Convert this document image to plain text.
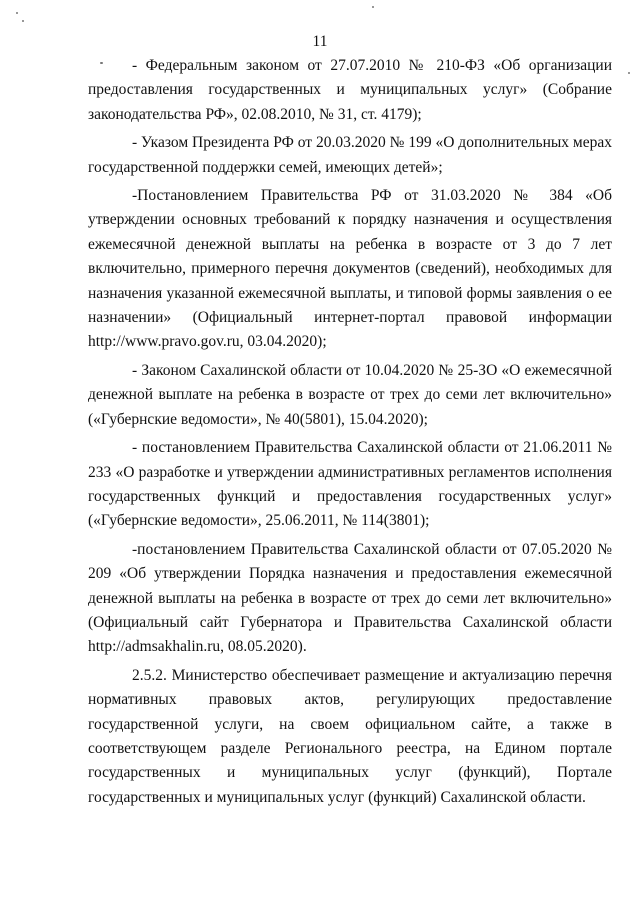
11

- Федеральным законом от 27.07.2010 № 210-ФЗ «Об организации предоставления государственных и муниципальных услуг» (Собрание законодательства РФ», 02.08.2010, № 31, ст. 4179);

- Указом Президента РФ от 20.03.2020 № 199 «О дополнительных мерах государственной поддержки семей, имеющих детей»;

-Постановлением Правительства РФ от 31.03.2020 № 384 «Об утверждении основных требований к порядку назначения и осуществления ежемесячной денежной выплаты на ребенка в возрасте от 3 до 7 лет включительно, примерного перечня документов (сведений), необходимых для назначения указанной ежемесячной выплаты, и типовой формы заявления о ее назначении» (Официальный интернет-портал правовой информации http://www.pravo.gov.ru, 03.04.2020);

- Законом Сахалинской области от 10.04.2020 № 25-ЗО «О ежемесячной денежной выплате на ребенка в возрасте от трех до семи лет включительно» («Губернские ведомости», № 40(5801), 15.04.2020);

- постановлением Правительства Сахалинской области от 21.06.2011 № 233 «О разработке и утверждении административных регламентов исполнения государственных функций и предоставления государственных услуг» («Губернские ведомости», 25.06.2011, № 114(3801);

-постановлением Правительства Сахалинской области от 07.05.2020 № 209 «Об утверждении Порядка назначения и предоставления ежемесячной денежной выплаты на ребенка в возрасте от трех до семи лет включительно» (Официальный сайт Губернатора и Правительства Сахалинской области http://admsakhalin.ru, 08.05.2020).

2.5.2. Министерство обеспечивает размещение и актуализацию перечня нормативных правовых актов, регулирующих предоставление государственной услуги, на своем официальном сайте, а также в соответствующем разделе Регионального реестра, на Едином портале государственных и муниципальных услуг (функций), Портале государственных и муниципальных услуг (функций) Сахалинской области.
